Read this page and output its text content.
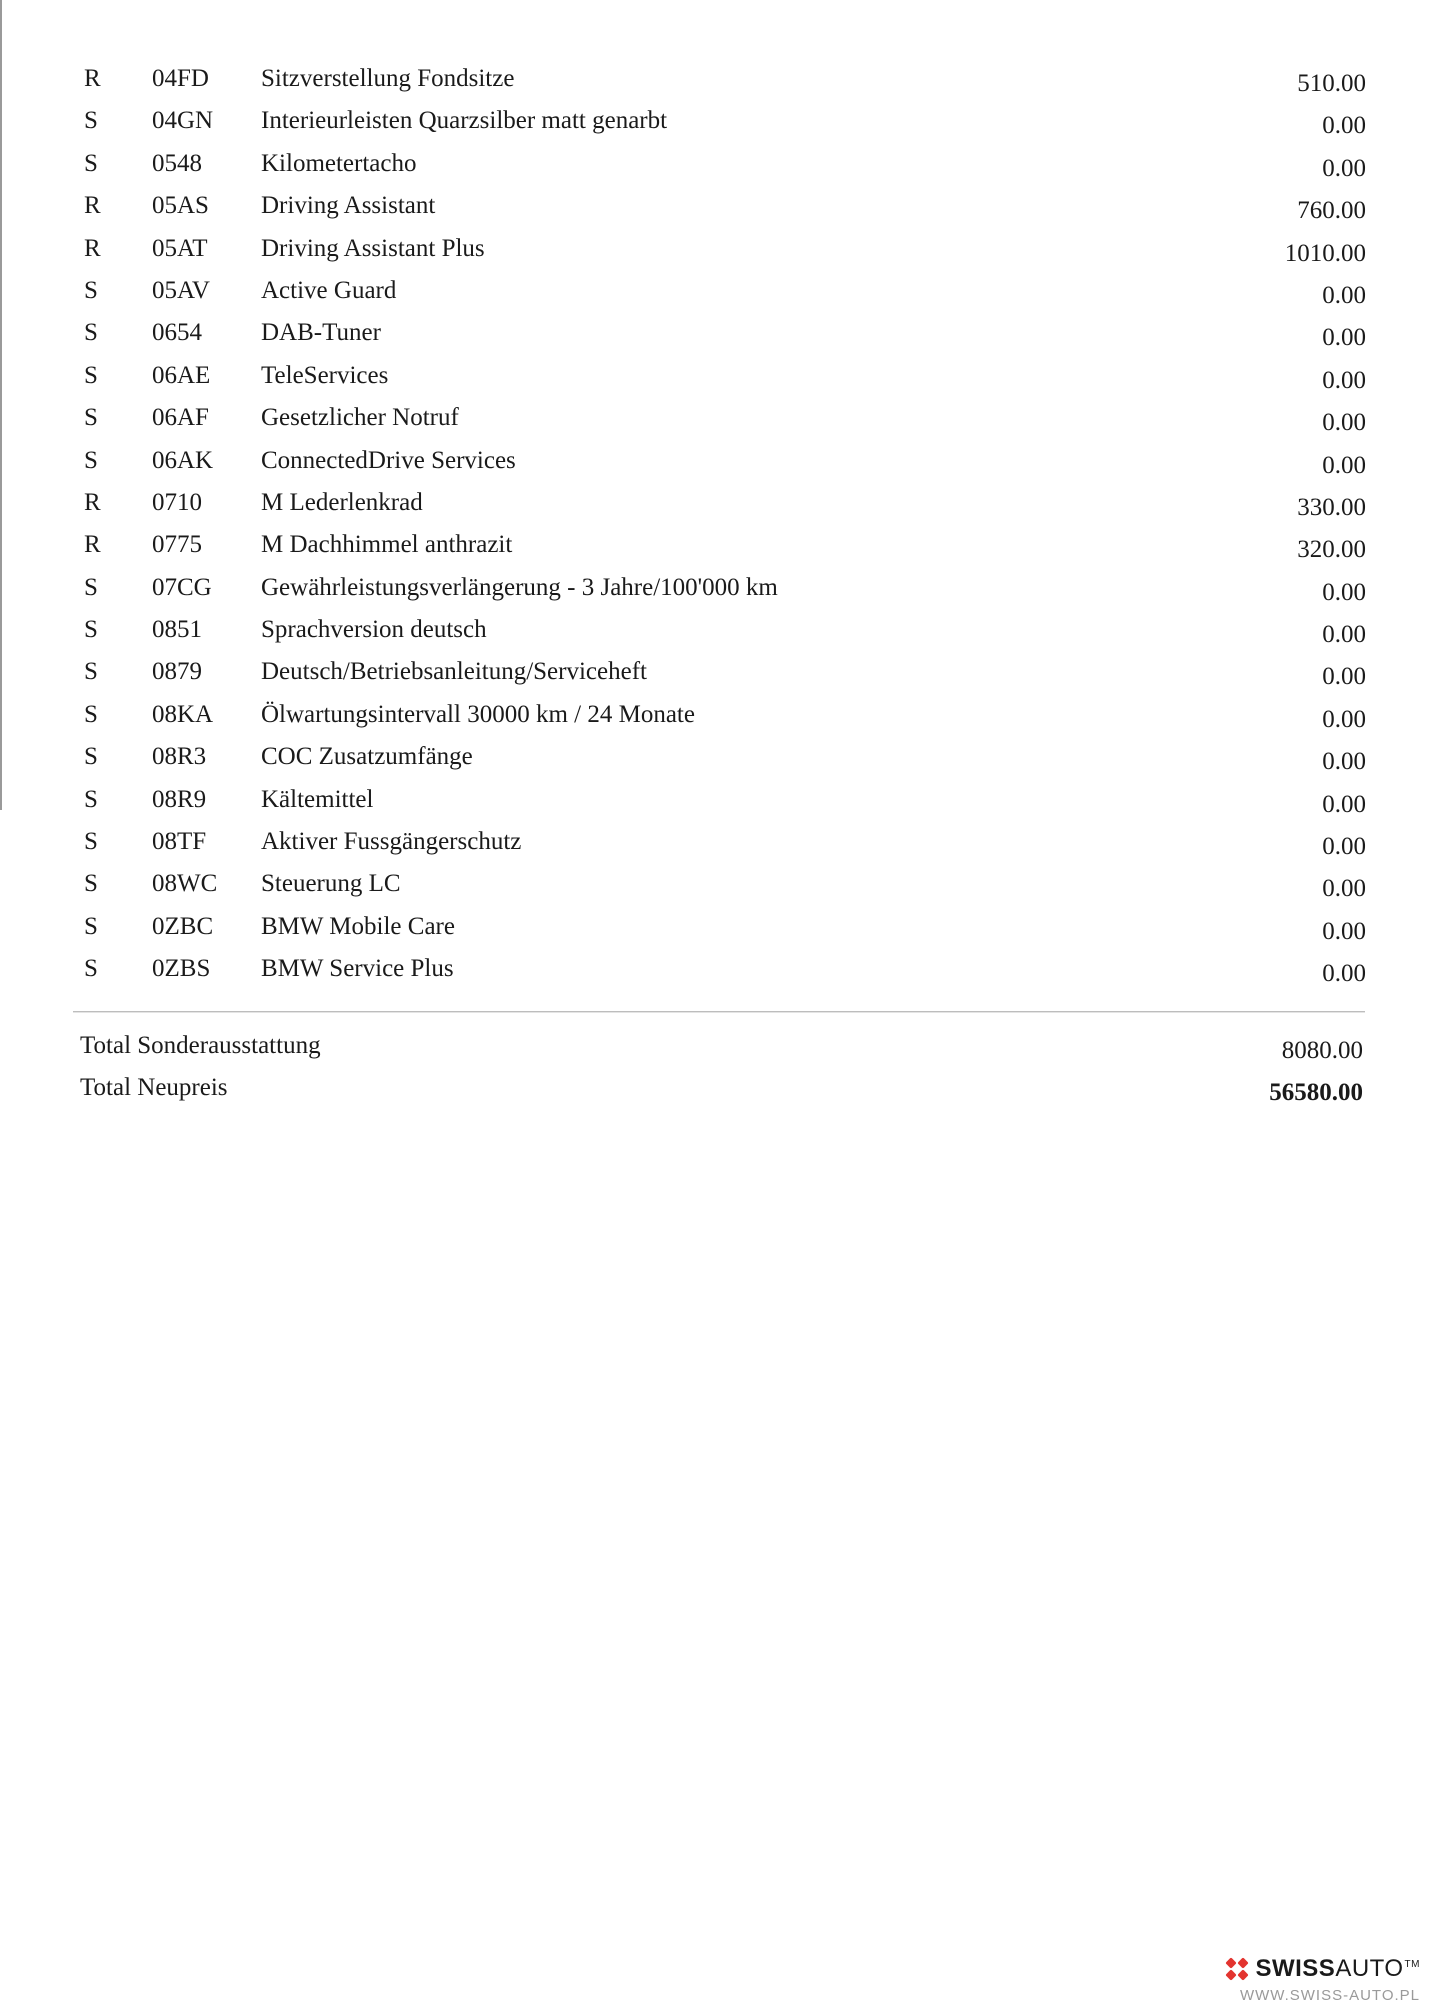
R 04FD Sitzverstellung Fondsitze	510.00
S 04GN Interieurleisten Quarzsilber matt genarbt	0.00
S 0548 Kilometertacho	0.00
R 05AS Driving Assistant	760.00
R 05AT Driving Assistant Plus	1010.00
S 05AV Active Guard	0.00
S 0654 DAB-Tuner	0.00
S 06AE TeleServices	0.00
S 06AF Gesetzlicher Notruf	0.00
S 06AK ConnectedDrive Services	0.00
R 0710 M Lederlenkrad	330.00
R 0775 M Dachhimmel anthrazit	320.00
S 07CG Gewährleistungsverlängerung - 3 Jahre/100'000 km	0.00
S 0851 Sprachversion deutsch	0.00
S 0879 Deutsch/Betriebsanleitung/Serviceheft	0.00
S 08KA Ölwartungsintervall 30000 km / 24 Monate	0.00
S 08R3 COC Zusatzumfänge	0.00
S 08R9 Kältemittel	0.00
S 08TF Aktiver Fussgängerschutz	0.00
S 08WC Steuerung LC	0.00
S 0ZBC BMW Mobile Care	0.00
S 0ZBS BMW Service Plus	0.00
Total Sonderausstattung	8080.00
Total Neupreis	56580.00
SWISSAUTO™
WWW.SWISS-AUTO.PL
